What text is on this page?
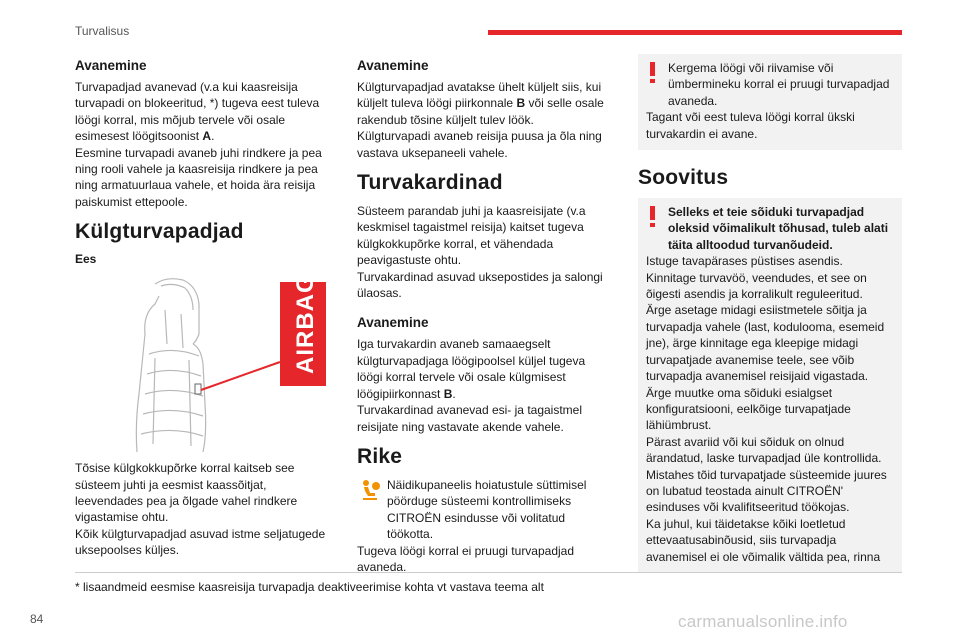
Turvalisus
Avanemine

Turvapadjad avanevad (v.a kui kaasreisija turvapadi on blokeeritud, *) tugeva eest tuleva löögi korral, mis mõjub tervele või osale esimesest löögitsoonist A.

Eesmine turvapadi avaneb juhi rindkere ja pea ning rooli vahele ja kaasreisija rindkere ja pea ning armatuurlaua vahele, et hoida ära reisija paiskumist ettepoole.

Külgturvapadjad
Ees
AIRBAG

Tõsise külgkokkupõrke korral kaitseb see süsteem juhti ja eesmist kaassõitjat, leevendades pea ja õlgade vahel rindkere vigastamise ohtu.

Kõik külgturvapadjad asuvad istme seljatugede uksepoolses küljes.

Avanemine

Külgturvapadjad avatakse ühelt küljelt siis, kui küljelt tuleva löögi piirkonnale B või selle osale rakendub tõsine küljelt tulev löök.

Külgturvapadi avaneb reisija puusa ja õla ning vastava uksepaneeli vahele.

Turvakardinad

Süsteem parandab juhi ja kaasreisijate (v.a keskmisel tagaistmel reisija) kaitset tugeva külgkokkupõrke korral, et vähendada peavigastuste ohtu.

Turvakardinad asuvad uksepostides ja salongi ülaosas.

Avanemine

Iga turvakardin avaneb samaaegselt külgturvapadjaga löögipoolsel küljel tugeva löögi korral tervele või osale külgmisest löögipiirkonnast B.

Turvakardinad avanevad esi- ja tagaistmel reisijate ning vastavate akende vahele.

Rike

Näidikupaneelis hoiatustule süttimisel pöörduge süsteemi kontrollimiseks CITROËN esindusse või volitatud töökotta.

Tugeva löögi korral ei pruugi turvapadjad avaneda.

Kergema löögi või riivamise või ümbermineku korral ei pruugi turvapadjad avaneda.

Tagant või eest tuleva löögi korral ükski turvakardin ei avane.

Soovitus

Selleks et teie sõiduki turvapadjad oleksid võimalikult tõhusad, tuleb alati täita alltoodud turvanõudeid.

Istuge tavapärases püstises asendis.

Kinnitage turvavöö, veendudes, et see on õigesti asendis ja korralikult reguleeritud.

Ärge asetage midagi esiistmetele sõitja ja turvapadja vahele (last, koduloomа, esemeid jne), ärge kinnitage ega kleepige midagi turvapatjade avanemise teele, see võib turvapadja avanemisel reisijaid vigastada.

Ärge muutke oma sõiduki esialgset konfiguratsiooni, eelkõige turvapatjade lähiümbrust.

Pärast avariid või kui sõiduk on olnud ärandatud, laske turvapadjad üle kontrollida.

Mistahes tõid turvapatjade süsteemide juures on lubatud teostada ainult CITROËN' esinduses või kvalifitseeritud töökojas.

Ka juhul, kui täidetakse kõiki loetletud ettevaatusabinõusid, siis turvapadja avanemisel ei ole võimalik vältida pea, rinna

* lisaandmeid eesmise kaasreisija turvapadja deaktiveerimise kohta vt vastava teema alt
84	carmanualsonline.info
